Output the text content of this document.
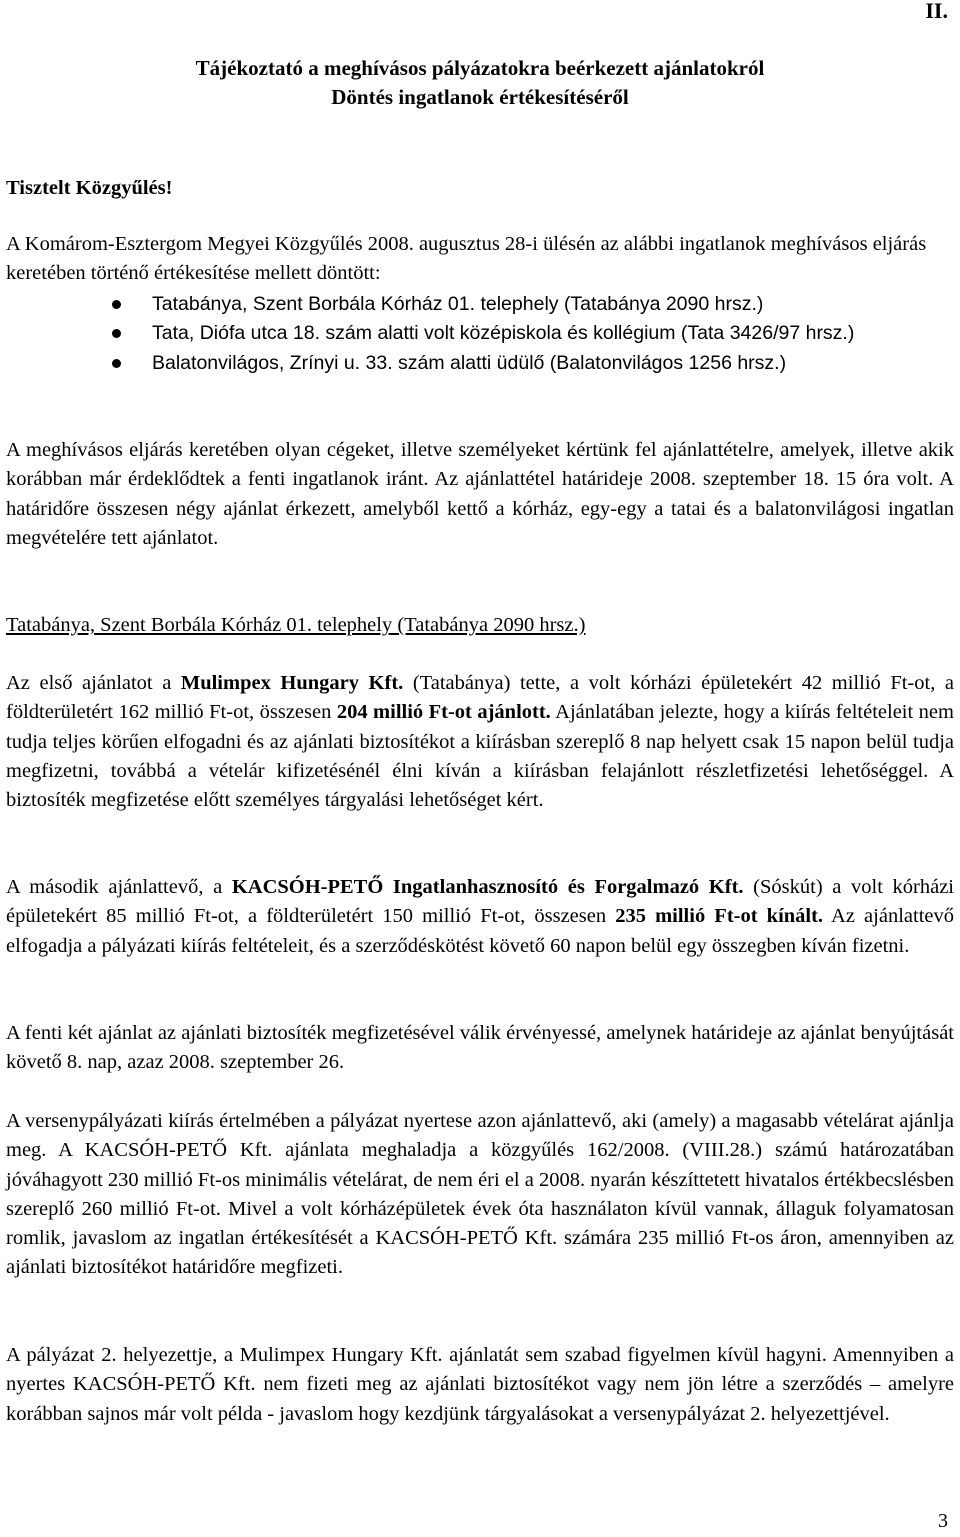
II.
Tájékoztató a meghívásos pályázatokra beérkezett ajánlatokról
Döntés ingatlanok értékesítéséről
Tisztelt Közgyűlés!
A Komárom-Esztergom Megyei Közgyűlés 2008. augusztus 28-i ülésén az alábbi ingatlanok meghívásos eljárás keretében történő értékesítése mellett döntött:
Tatabánya, Szent Borbála Kórház 01. telephely (Tatabánya 2090 hrsz.)
Tata, Diófa utca 18. szám alatti volt középiskola és kollégium (Tata 3426/97 hrsz.)
Balatonvilágos, Zrínyi u. 33. szám alatti üdülő (Balatonvilágos 1256 hrsz.)
A meghívásos eljárás keretében olyan cégeket, illetve személyeket kértünk fel ajánlattételre, amelyek, illetve akik korábban már érdeklődtek a fenti ingatlanok iránt. Az ajánlattétel határideje 2008. szeptember 18. 15 óra volt. A határidőre összesen négy ajánlat érkezett, amelyből kettő a kórház, egy-egy a tatai és a balatonvilágosi ingatlan megvételére tett ajánlatot.
Tatabánya, Szent Borbála Kórház 01. telephely (Tatabánya 2090 hrsz.)
Az első ajánlatot a Mulimpex Hungary Kft. (Tatabánya) tette, a volt kórházi épületekért 42 millió Ft-ot, a földterületért 162 millió Ft-ot, összesen 204 millió Ft-ot ajánlott. Ajánlatában jelezte, hogy a kiírás feltételeit nem tudja teljes körűen elfogadni és az ajánlati biztosítékot a kiírásban szereplő 8 nap helyett csak 15 napon belül tudja megfizetni, továbbá a vételár kifizetésénél élni kíván a kiírásban felajánlott részletfizetési lehetőséggel. A biztosíték megfizetése előtt személyes tárgyalási lehetőséget kért.
A második ajánlattevő, a KACSÓH-PETŐ Ingatlanhasznosító és Forgalmazó Kft. (Sóskút) a volt kórházi épületekért 85 millió Ft-ot, a földterületért 150 millió Ft-ot, összesen 235 millió Ft-ot kínált. Az ajánlattevő elfogadja a pályázati kiírás feltételeit, és a szerződéskötést követő 60 napon belül egy összegben kíván fizetni.
A fenti két ajánlat az ajánlati biztosíték megfizetésével válik érvényessé, amelynek határideje az ajánlat benyújtását követő 8. nap, azaz 2008. szeptember 26.
A versenypályázati kiírás értelmében a pályázat nyertese azon ajánlattevő, aki (amely) a magasabb vételárat ajánlja meg. A KACSÓH-PETŐ Kft. ajánlata meghaladja a közgyűlés 162/2008. (VIII.28.) számú határozatában jóváhagyott 230 millió Ft-os minimális vételárat, de nem éri el a 2008. nyarán készíttetett hivatalos értékbecslésben szereplő 260 millió Ft-ot. Mivel a volt kórházépületek évek óta használaton kívül vannak, állaguk folyamatosan romlik, javaslom az ingatlan értékesítését a KACSÓH-PETŐ Kft. számára 235 millió Ft-os áron, amennyiben az ajánlati biztosítékot határidőre megfizeti.
A pályázat 2. helyezettje, a Mulimpex Hungary Kft. ajánlatát sem szabad figyelmen kívül hagyni. Amennyiben a nyertes KACSÓH-PETŐ Kft. nem fizeti meg az ajánlati biztosítékot vagy nem jön létre a szerződés – amelyre korábban sajnos már volt példa - javaslom hogy kezdjünk tárgyalásokat a versenypályázat 2. helyezettjével.
3
